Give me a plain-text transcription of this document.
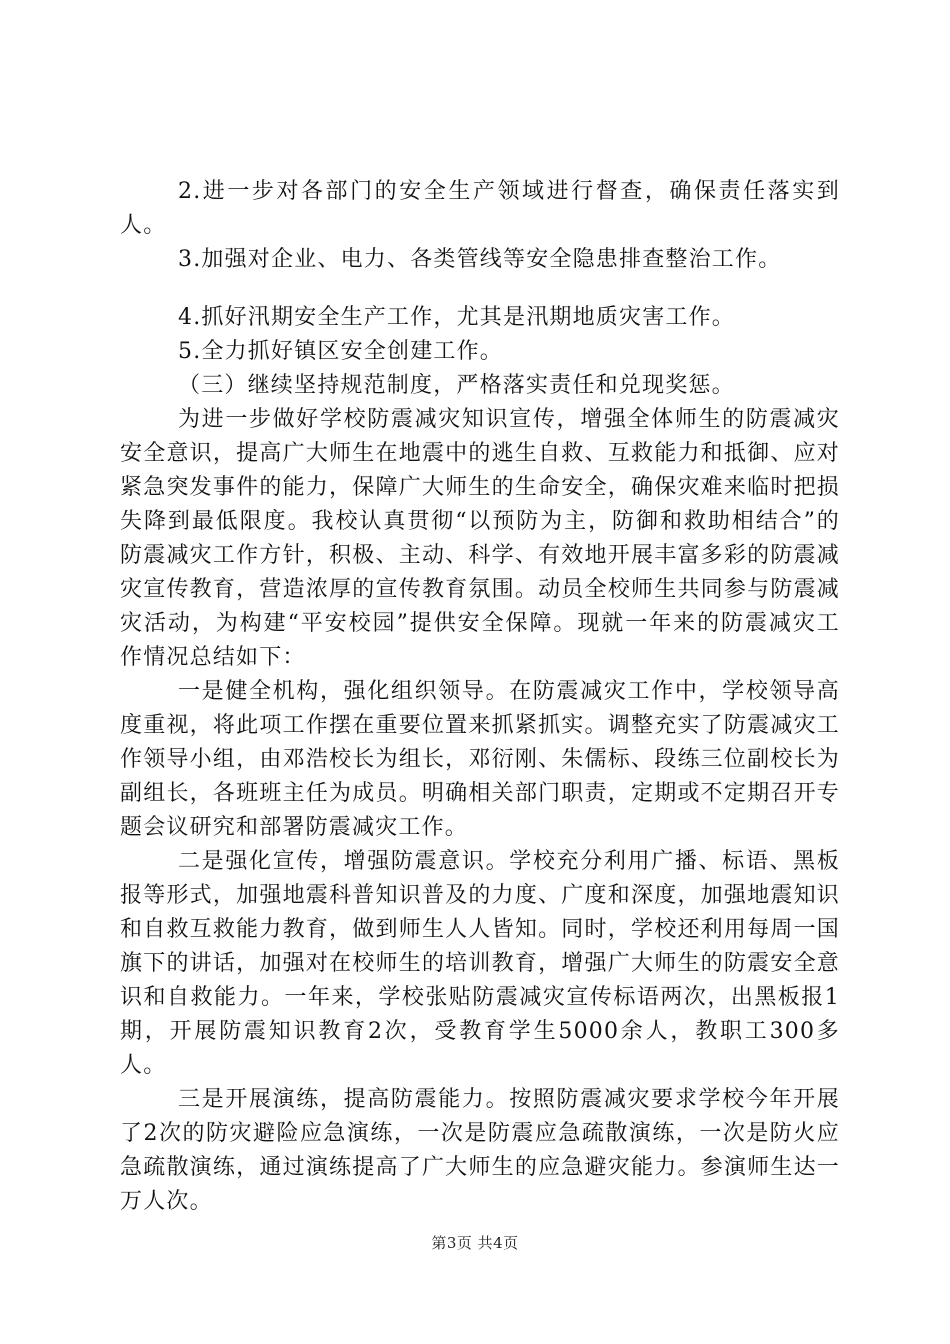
2.进一步对各部门的安全生产领域进行督查，确保责任落实到人。

3.加强对企业、电力、各类管线等安全隐患排查整治工作。

4.抓好汛期安全生产工作，尤其是汛期地质灾害工作。

5.全力抓好镇区安全创建工作。

（三）继续坚持规范制度，严格落实责任和兑现奖惩。

为进一步做好学校防震减灾知识宣传，增强全体师生的防震减灾安全意识，提高广大师生在地震中的逃生自救、互救能力和抵御、应对紧急突发事件的能力，保障广大师生的生命安全，确保灾难来临时把损失降到最低限度。我校认真贯彻“以预防为主，防御和救助相结合”的防震减灾工作方针，积极、主动、科学、有效地开展丰富多彩的防震减灾宣传教育，营造浓厚的宣传教育氛围。动员全校师生共同参与防震减灾活动，为构建“平安校园”提供安全保障。现就一年来的防震减灾工作情况总结如下：

一是健全机构，强化组织领导。在防震减灾工作中，学校领导高度重视，将此项工作摆在重要位置来抓紧抓实。调整充实了防震减灾工作领导小组，由邓浩校长为组长，邓衍刚、朱儒标、段练三位副校长为副组长，各班班主任为成员。明确相关部门职责，定期或不定期召开专题会议研究和部署防震减灾工作。

二是强化宣传，增强防震意识。学校充分利用广播、标语、黑板报等形式，加强地震科普知识普及的力度、广度和深度，加强地震知识和自救互救能力教育，做到师生人人皆知。同时，学校还利用每周一国旗下的讲话，加强对在校师生的培训教育，增强广大师生的防震安全意识和自救能力。一年来，学校张贴防震减灾宣传标语两次，出黑板报1期，开展防震知识教育2次，受教育学生5000余人，教职工300多人。

三是开展演练，提高防震能力。按照防震减灾要求学校今年开展了2次的防灾避险应急演练，一次是防震应急疏散演练，一次是防火应急疏散演练，通过演练提高了广大师生的应急避灾能力。参演师生达一万人次。

第3页 共4页
